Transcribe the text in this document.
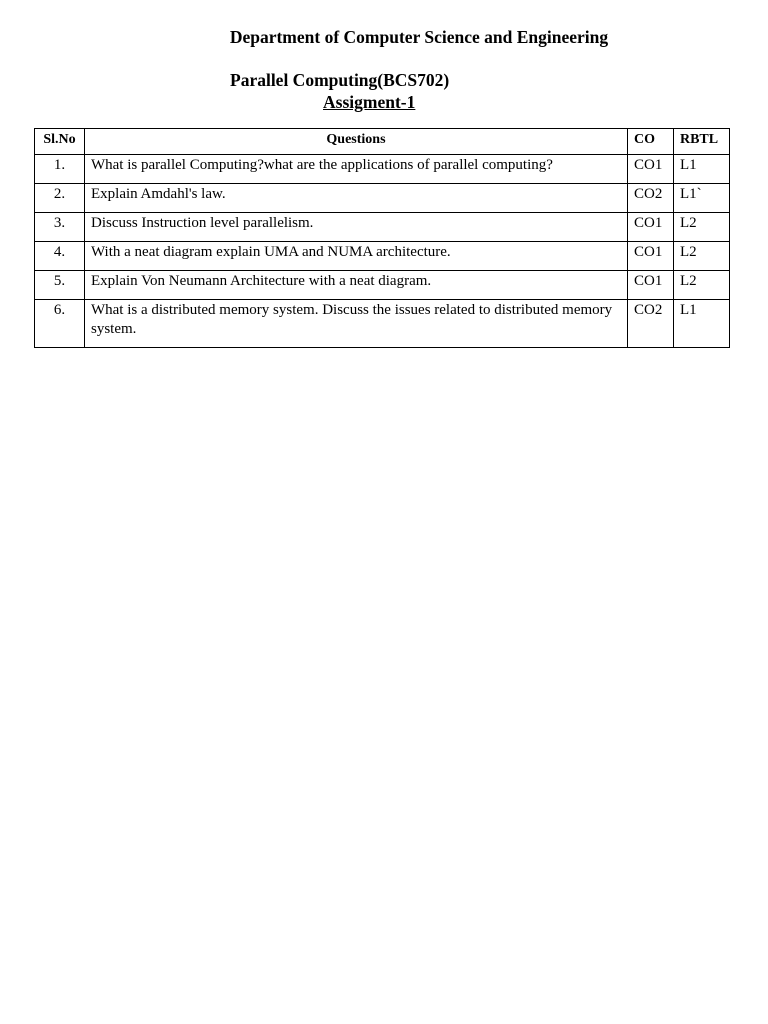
Department of Computer Science and Engineering
Parallel Computing(BCS702)
Assigment-1
Sl.No	Questions	CO	RBTL
1.	What is parallel Computing?what are the applications of parallel computing?	CO1	L1
2.	Explain Amdahl's law.	CO2	L1`
3.	Discuss Instruction level parallelism.	CO1	L2
4.	With a neat diagram explain UMA and NUMA architecture.	CO1	L2
5.	Explain Von Neumann Architecture with a neat diagram.	CO1	L2
6.	What is a distributed memory system. Discuss the issues related to distributed memory system.	CO2	L1
